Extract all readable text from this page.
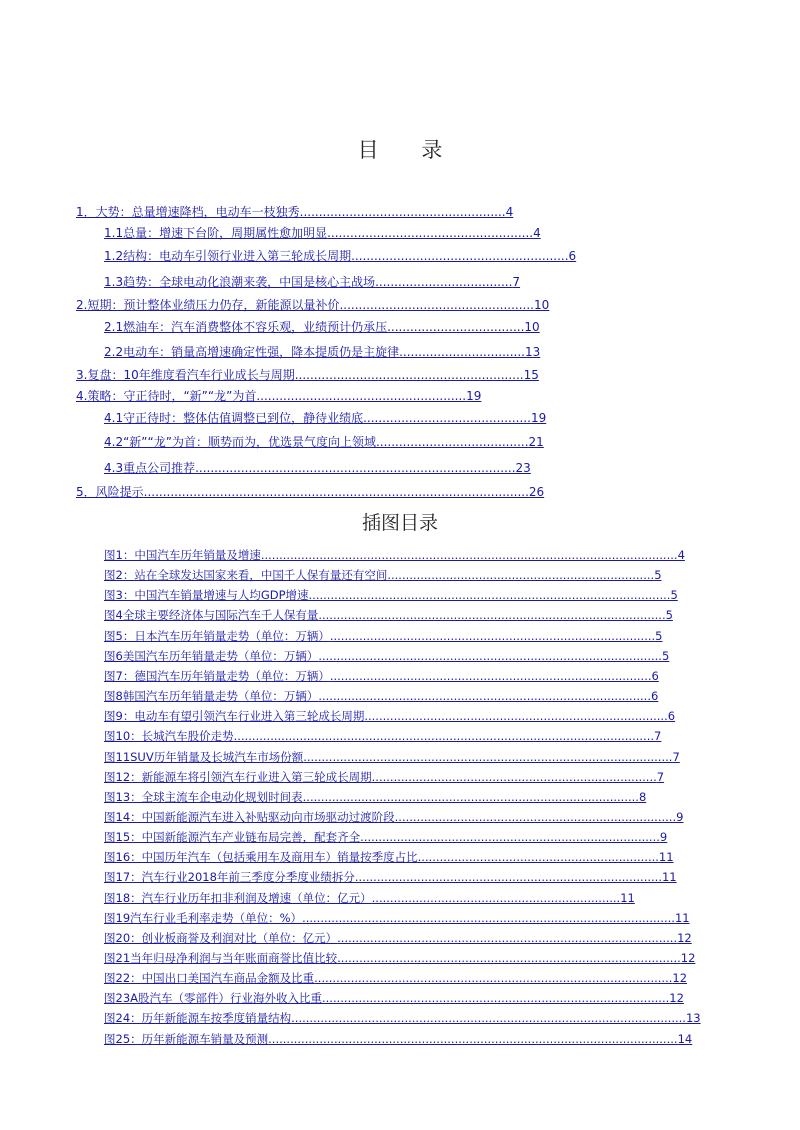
目 录
1．大势：总量增速降档，电动车一枝独秀......................................................4
1.1总量：增速下台阶，周期属性愈加明显......................................................4
1.2结构：电动车引领行业进入第三轮成长周期.........................................................6
1.3趋势：全球电动化浪潮来袭，中国是核心主战场....................................7
2.短期：预计整体业绩压力仍存，新能源以量补价...................................................10
2.1燃油车：汽车消费整体不容乐观，业绩预计仍承压....................................10
2.2电动车：销量高增速确定性强，降本提质仍是主旋律.................................13
3.复盘：10年维度看汽车行业成长与周期............................................................15
4.策略：守正待时，“新”“龙”为首.......................................................19
4.1守正待时：整体估值调整已到位，静待业绩底............................................19
4.2“新”“龙”为首：顺势而为，优选景气度向上领域........................................21
4.3重点公司推荐....................................................................................23
5．风险提示.....................................................................................................26
插图目录
图1：中国汽车历年销量及增速..................................................................................................................4
图2：站在全球发达国家来看，中国千人保有量还有空间.........................................................................5
图3：中国汽车销量增速与人均GDP增速...................................................................................................5
图4全球主要经济体与国际汽车千人保有量...............................................................................................5
图5：日本汽车历年销量走势（单位：万辆）.........................................................................................5
图6美国汽车历年销量走势（单位：万辆）..............................................................................................5
图7：德国汽车历年销量走势（单位：万辆）........................................................................................6
图8韩国汽车历年销量走势（单位：万辆）...........................................................................................6
图9：电动车有望引领汽车行业进入第三轮成长周期...................................................................................6
图10：长城汽车股价走势...................................................................................................................7
图11SUV历年销量及长城汽车市场份额.....................................................................................................7
图12：新能源车将引领汽车行业进入第三轮成长周期..............................................................................7
图13：全球主流车企电动化规划时间表............................................................................................8
图14：中国新能源汽车进入补贴驱动向市场驱动过渡阶段.............................................................................9
图15：中国新能源汽车产业链布局完善，配套齐全..................................................................................9
图16：中国历年汽车（包括乘用车及商用车）销量按季度占比..................................................................11
图17：汽车行业2018年前三季度分季度业绩拆分....................................................................................11
图18：汽车行业历年扣非利润及增速（单位：亿元）....................................................................11
图19汽车行业毛利率走势（单位：%）......................................................................................................11
图20：创业板商誉及利润对比（单位：亿元）.............................................................................................12
图21当年归母净利润与当年账面商誉比值比较..............................................................................................12
图22：中国出口美国汽车商品金额及比重..................................................................................................12
图23A股汽车（零部件）行业海外收入比重...............................................................................................12
图24：历年新能源车按季度销量结构............................................................................................................13
图25：历年新能源车销量及预测................................................................................................................14
